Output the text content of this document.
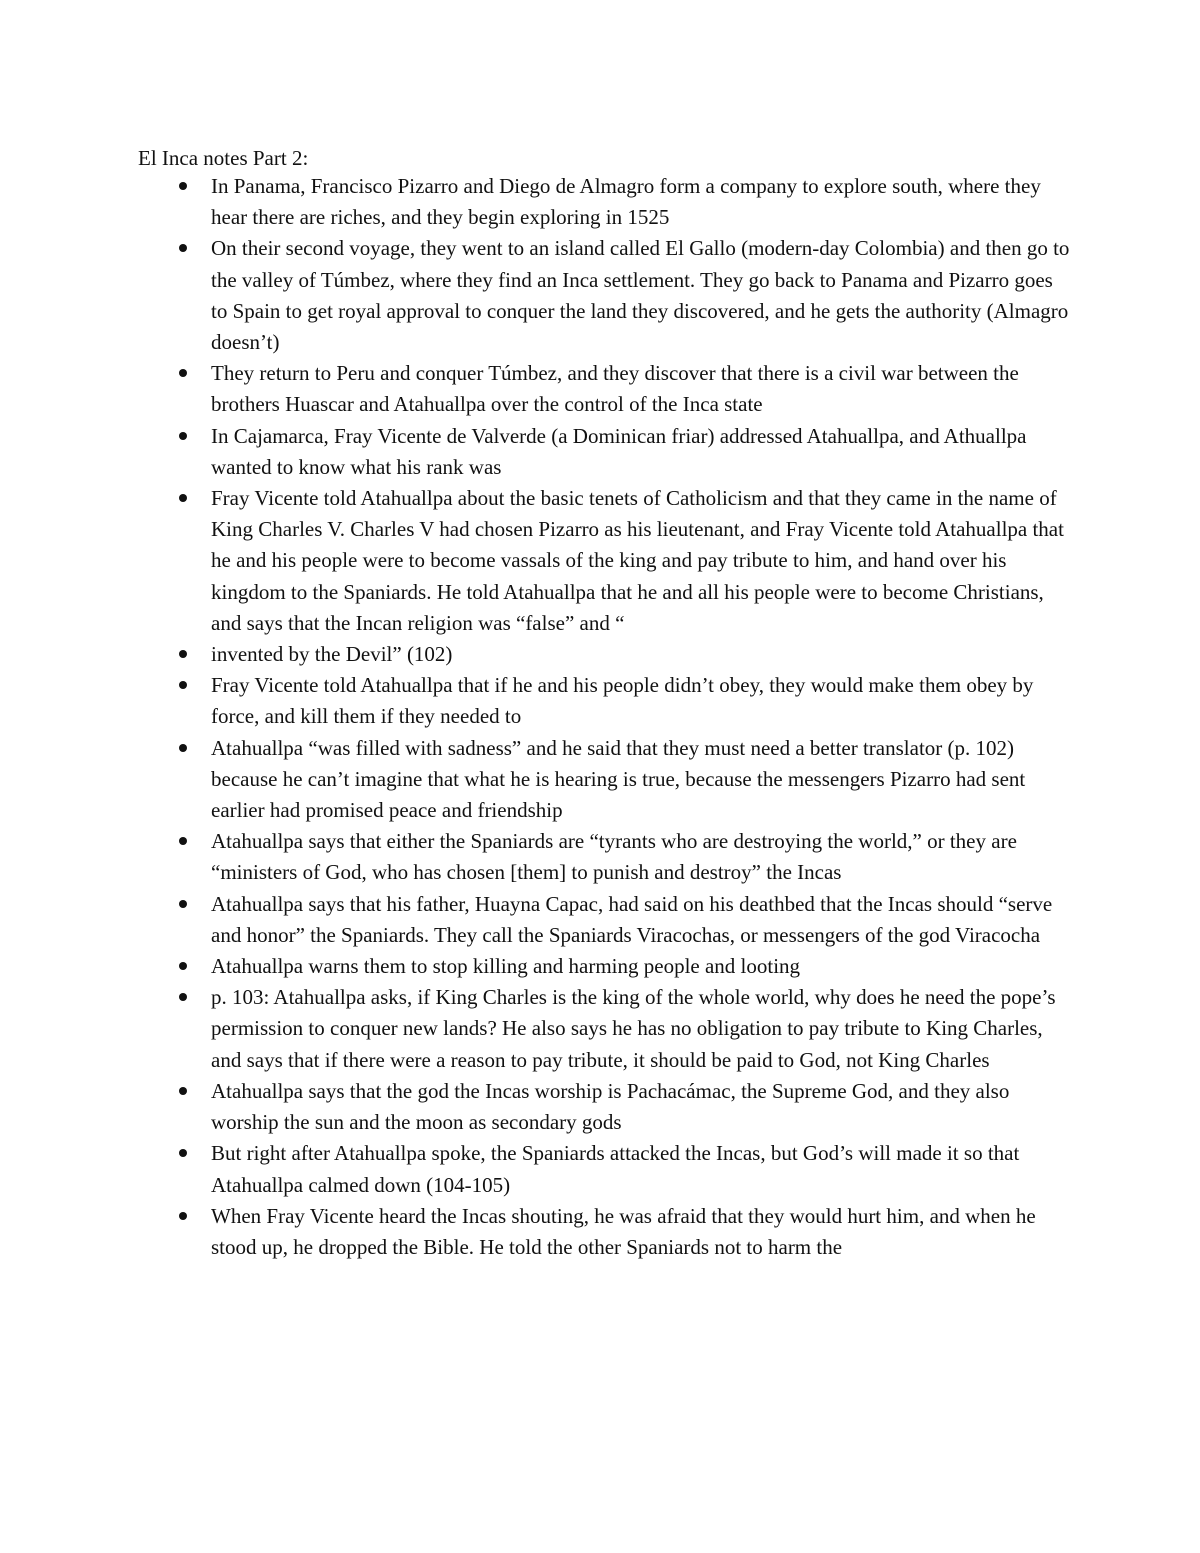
El Inca notes Part 2:
In Panama, Francisco Pizarro and Diego de Almagro form a company to explore south, where they hear there are riches, and they begin exploring in 1525
On their second voyage, they went to an island called El Gallo (modern-day Colombia) and then go to the valley of Túmbez, where they find an Inca settlement. They go back to Panama and Pizarro goes to Spain to get royal approval to conquer the land they discovered, and he gets the authority (Almagro doesn’t)
They return to Peru and conquer Túmbez, and they discover that there is a civil war between the brothers Huascar and Atahuallpa over the control of the Inca state
In Cajamarca, Fray Vicente de Valverde (a Dominican friar) addressed Atahuallpa, and Athuallpa wanted to know what his rank was
Fray Vicente told Atahuallpa about the basic tenets of Catholicism and that they came in the name of King Charles V. Charles V had chosen Pizarro as his lieutenant, and Fray Vicente told Atahuallpa that he and his people were to become vassals of the king and pay tribute to him, and hand over his kingdom to the Spaniards. He told Atahuallpa that he and all his people were to become Christians, and says that the Incan religion was “false” and “
invented by the Devil” (102)
Fray Vicente told Atahuallpa that if he and his people didn’t obey, they would make them obey by force, and kill them if they needed to
Atahuallpa “was filled with sadness” and he said that they must need a better translator (p. 102) because he can’t imagine that what he is hearing is true, because the messengers Pizarro had sent earlier had promised peace and friendship
Atahuallpa says that either the Spaniards are “tyrants who are destroying the world,” or they are “ministers of God, who has chosen [them] to punish and destroy” the Incas
Atahuallpa says that his father, Huayna Capac, had said on his deathbed that the Incas should “serve and honor” the Spaniards. They call the Spaniards Viracochas, or messengers of the god Viracocha
Atahuallpa warns them to stop killing and harming people and looting
p. 103: Atahuallpa asks, if King Charles is the king of the whole world, why does he need the pope’s permission to conquer new lands? He also says he has no obligation to pay tribute to King Charles, and says that if there were a reason to pay tribute, it should be paid to God, not King Charles
Atahuallpa says that the god the Incas worship is Pachacámac, the Supreme God, and they also worship the sun and the moon as secondary gods
But right after Atahuallpa spoke, the Spaniards attacked the Incas, but God’s will made it so that Atahuallpa calmed down (104-105)
When Fray Vicente heard the Incas shouting, he was afraid that they would hurt him, and when he stood up, he dropped the Bible. He told the other Spaniards not to harm the
